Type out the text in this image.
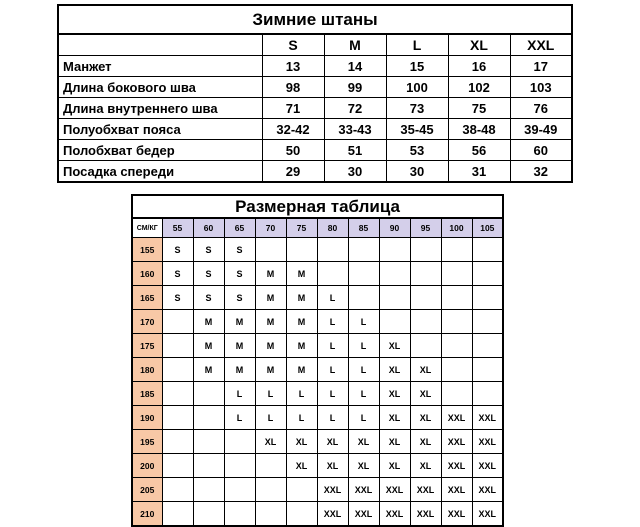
Зимние штаны					
	S	M	L	XL	XXL
Манжет	13	14	15	16	17
Длина бокового шва	98	99	100	102	103
Длина внутреннего шва	71	72	73	75	76
Полуобхват пояса	32-42	33-43	35-45	38-48	39-49
Полобхват бедер	50	51	53	56	60
Посадка спереди	29	30	30	31	32
Размерная таблица											
СМ/КГ	55	60	65	70	75	80	85	90	95	100	105
155	S	S	S								
160	S	S	S	M	M						
165	S	S	S	M	M	L					
170		M	M	M	M	L	L				
175		M	M	M	M	L	L	XL			
180		M	M	M	M	L	L	XL	XL		
185			L	L	L	L	L	XL	XL		
190			L	L	L	L	L	XL	XL	XXL	XXL
195				XL	XL	XL	XL	XL	XL	XXL	XXL
200					XL	XL	XL	XL	XL	XXL	XXL
205						XXL	XXL	XXL	XXL	XXL	XXL
210						XXL	XXL	XXL	XXL	XXL	XXL
